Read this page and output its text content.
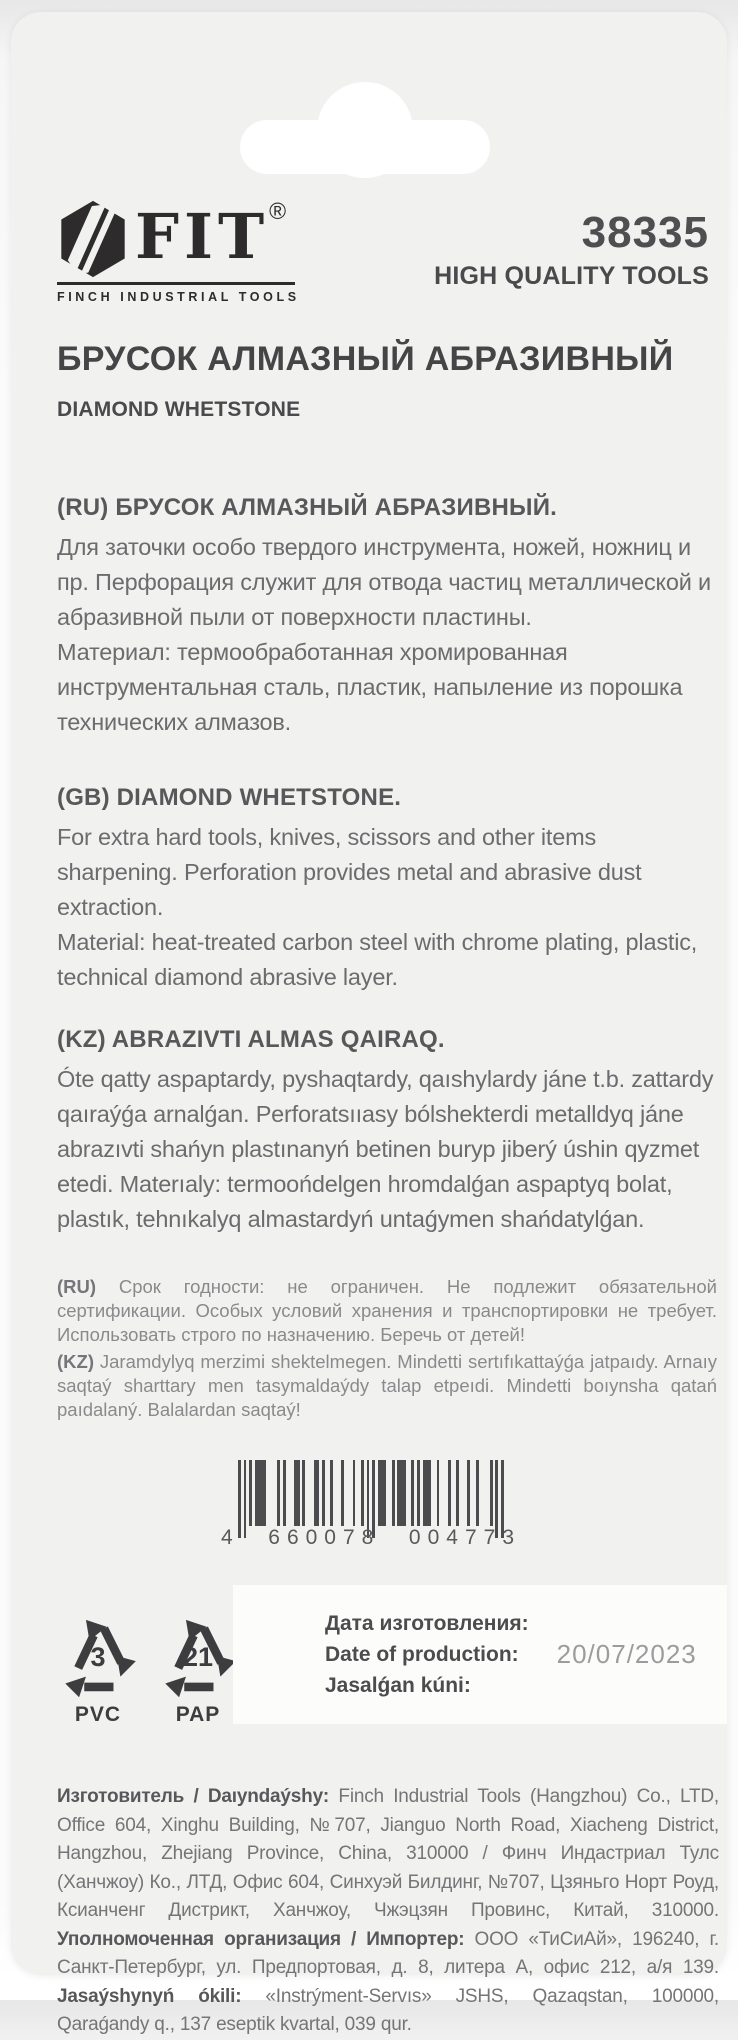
FIT®
FINCH INDUSTRIAL TOOLS
38335
HIGH QUALITY TOOLS
БРУСОК АЛМАЗНЫЙ АБРАЗИВНЫЙ
DIAMOND WHETSTONE
(RU) БРУСОК АЛМАЗНЫЙ АБРАЗИВНЫЙ.

Для заточки особо твердого инструмента, ножей, ножниц и пр. Перфорация служит для отвода частиц металлической и абразивной пыли от поверхности пластины.

Материал: термообработанная хромированная инструментальная сталь, пластик, напыление из порошка технических алмазов.

(GB) DIAMOND WHETSTONE.

For extra hard tools, knives, scissors and other items sharpening. Perforation provides metal and abrasive dust extraction.

Material: heat-treated carbon steel with chrome plating, plastic, technical diamond abrasive layer.

(KZ) ABRAZIVTI ALMAS QAIRAQ.

Óte qatty aspaptardy, pyshaqtardy, qaıshylardy jáne t.b. zattardy qaıraýǵa arnalǵan. Perforatsııasy bólshekterdi metalldyq jáne abrazıvti shańyn plastınanyń betinen buryp jiberý úshin qyzmet etedi. Materıaly: termoońdelgen hromdalǵan aspaptyq bolat, plastık, tehnıkalyq almastardyń untaǵymen shańdatylǵan.

(RU) Срок годности: не ограничен. Не подлежит обязательной сертификации. Особых условий хранения и транспортировки не требует. Использовать строго по назначению. Беречь от детей!

(KZ) Jaramdylyq merzimi shektelmegen. Mindetti sertıfıkattaýǵa jatpaıdy. Arnaıy saqtaý sharttary men tasymaldaýdy talap etpeıdi. Mindetti boıynsha qatań paıdalaný. Balalardan saqtaý!

4 660078 004773
3
PVC
21
PAP
Дата изготовления:
Date of production:
Jasalǵan kúni:
20/07/2023

Изготовитель / Daıyndaýshy: Finch Industrial Tools (Hangzhou) Co., LTD, Office 604, Xinghu Building, №707, Jianguo North Road, Xiacheng District, Hangzhou, Zhejiang Province, China, 310000 / Финч Индастриал Тулс (Ханчжоу) Ко., ЛТД, Офис 604, Синхуэй Билдинг, №707, Цзяньго Норт Роуд, Ксианченг Дистрикт, Ханчжоу, Чжэцзян Провинс, Китай, 310000. Уполномоченная организация / Импортер: ООО «ТиСиАй», 196240, г. Санкт-Петербург, ул. Предпортовая, д. 8, литера А, офис 212, а/я 139. Jasaýshynyń ókili: «Instrýment-Servıs» JSHS, Qazaqstan, 100000, Qaraǵandy q., 137 eseptik kvartal, 039 qur.
